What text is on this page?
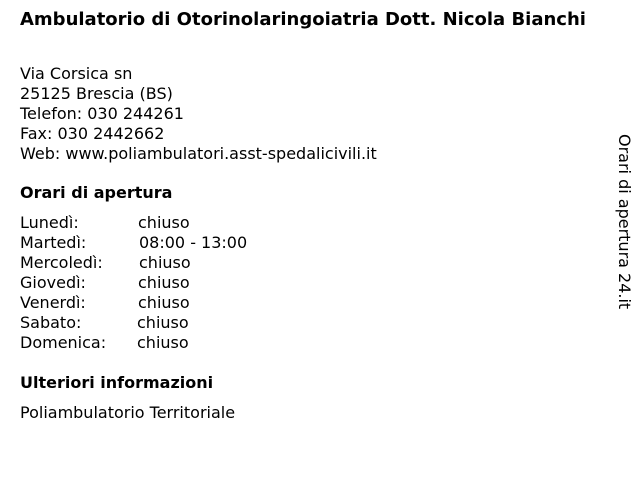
Ambulatorio di Otorinolaringoiatria Dott. Nicola Bianchi
Via Corsica sn
25125 Brescia (BS)
Telefon: 030 244261
Fax: 030 2442662
Web: www.poliambulatori.asst-spedalicivili.it
Orari di apertura
Lunedì:	chiuso
Martedì:	08:00 - 13:00
Mercoledì: chiuso
Giovedì:	chiuso
Venerdì:	chiuso
Sabato:	chiuso
Domenica: chiuso
Ulteriori informazioni
Poliambulatorio Territoriale
Orari di apertura 24.it
